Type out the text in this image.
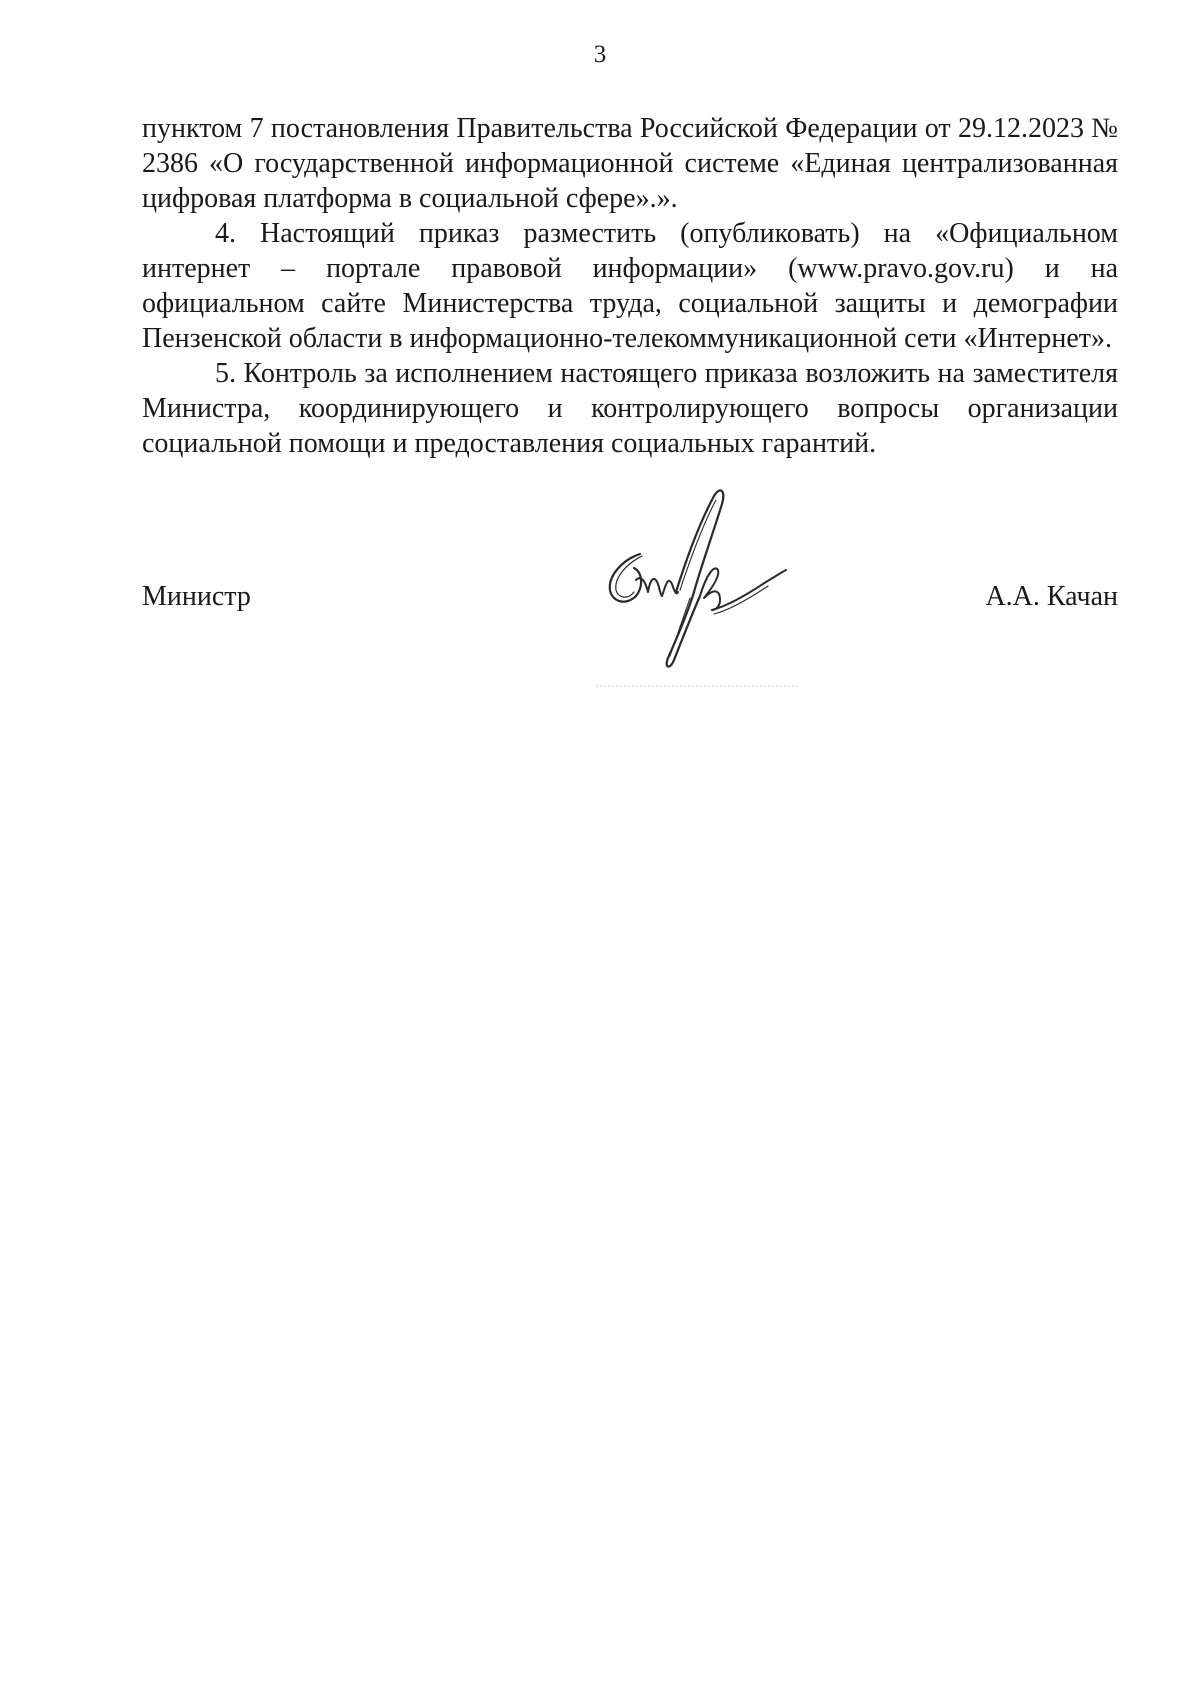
3

пунктом 7 постановления Правительства Российской Федерации от 29.12.2023 № 2386 «О государственной информационной системе «Единая централизованная цифровая платформа в социальной сфере».».

4. Настоящий приказ разместить (опубликовать) на «Официальном интернет – портале правовой информации» (www.pravo.gov.ru) и на официальном сайте Министерства труда, социальной защиты и демографии Пензенской области в информационно-телекоммуникационной сети «Интернет».

5. Контроль за исполнением настоящего приказа возложить на заместителя Министра, координирующего и контролирующего вопросы организации социальной помощи и предоставления социальных гарантий.

Министр	А.А. Качан
